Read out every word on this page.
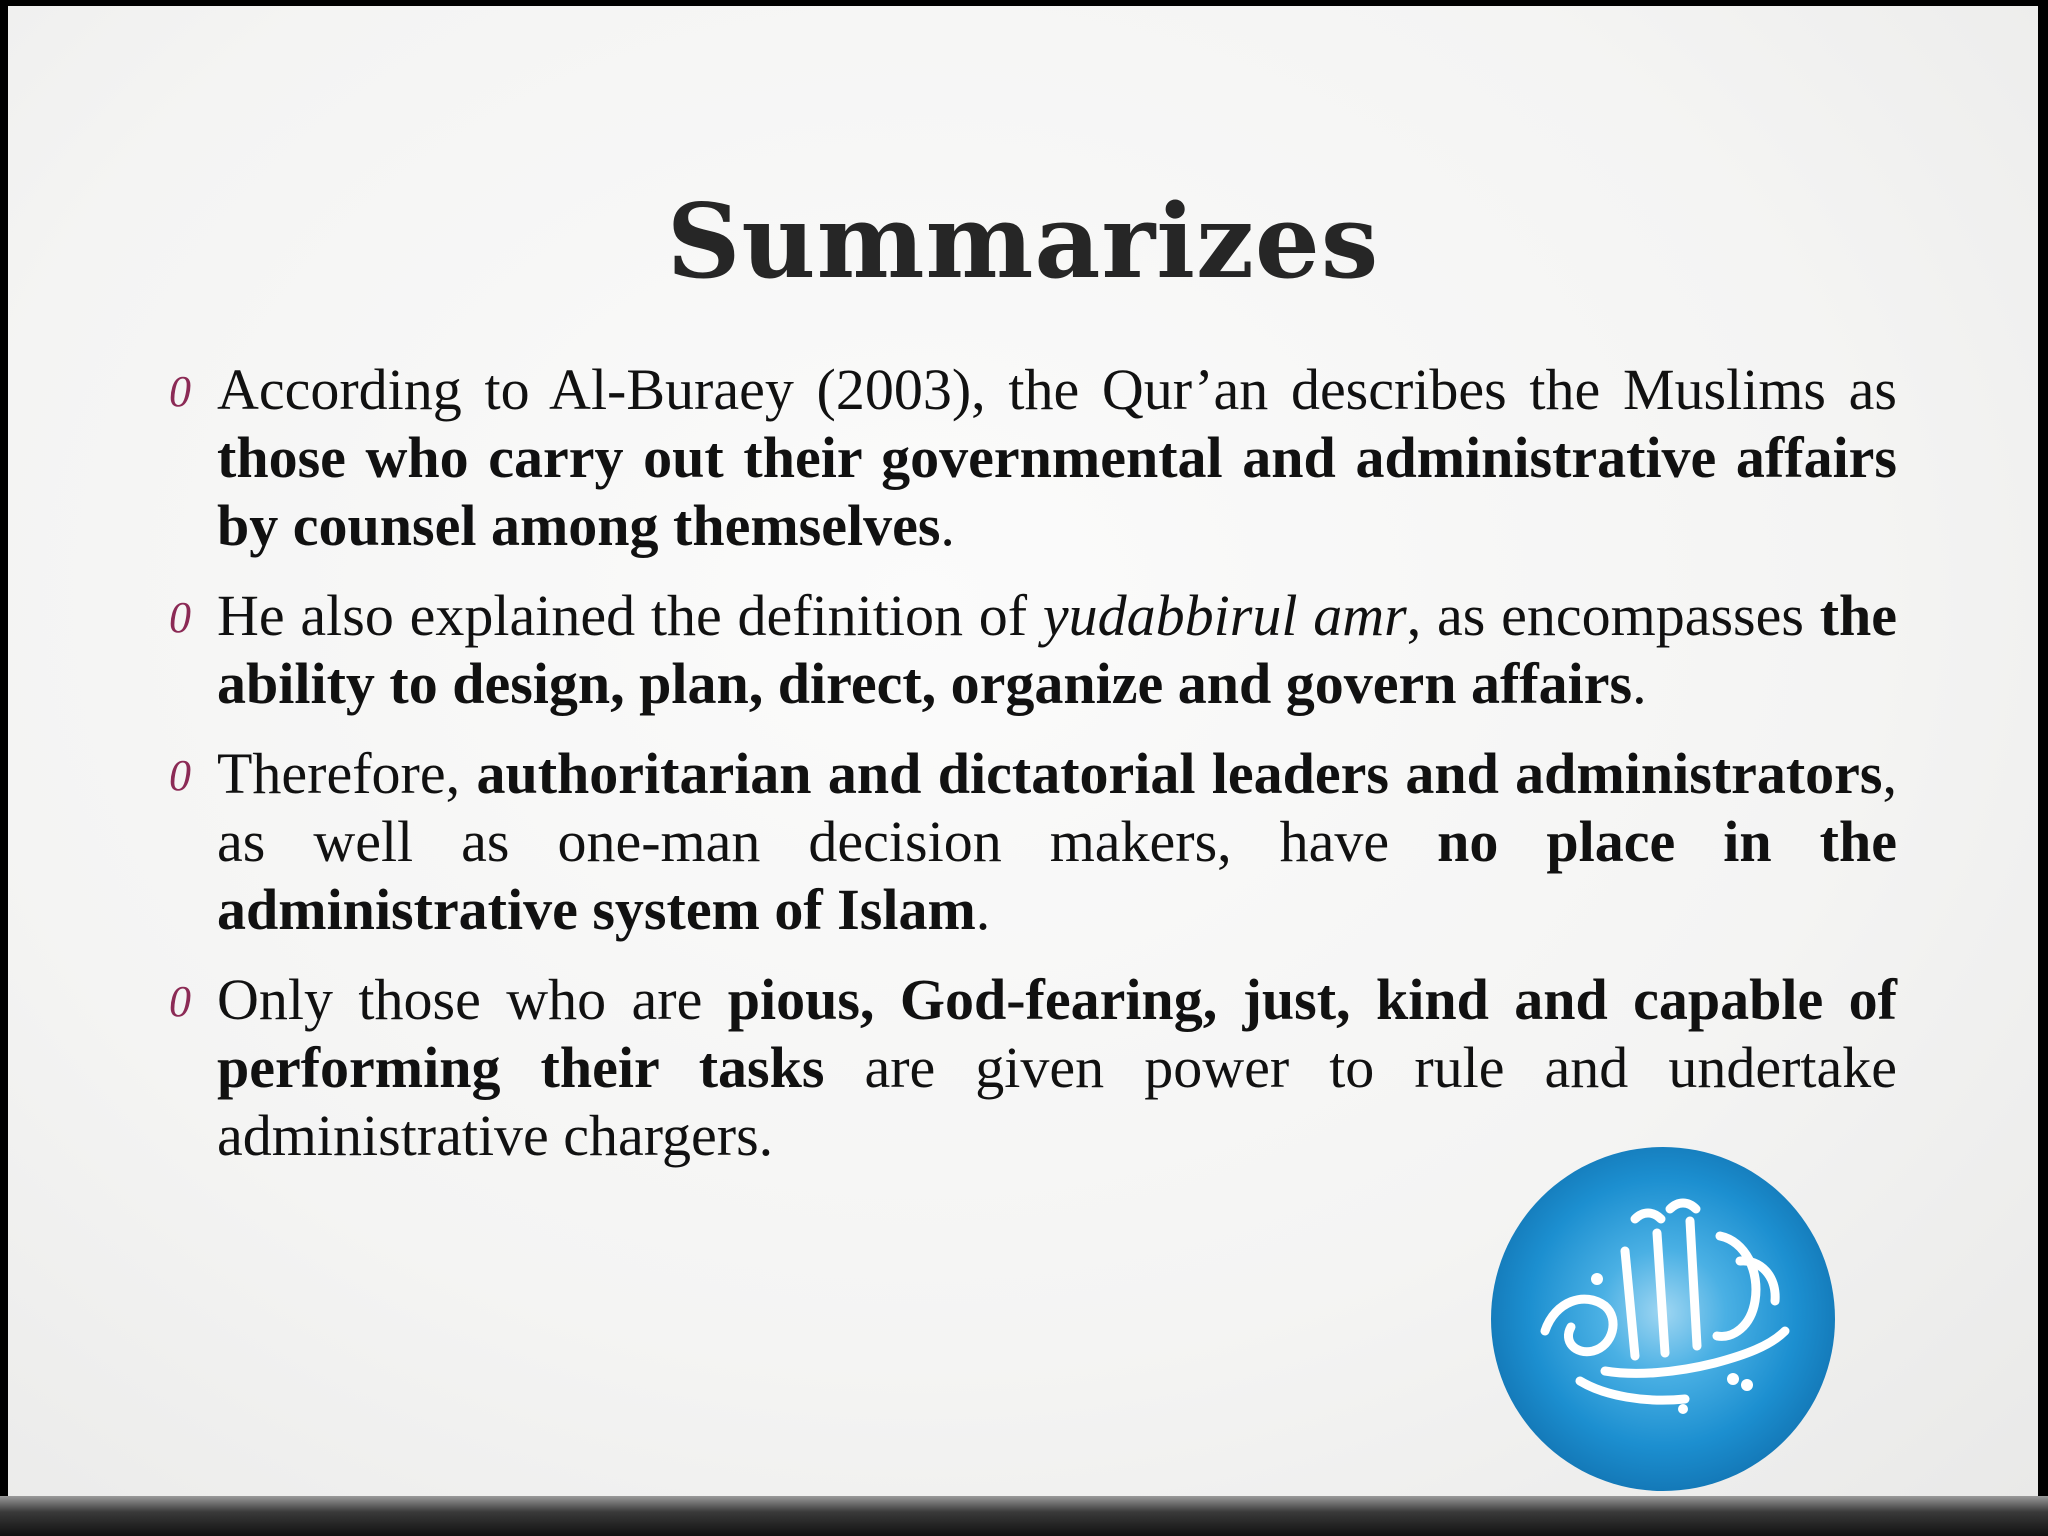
Summarizes
0 According to Al-Buraey (2003), the Qur’an describes the Muslims as those who carry out their governmental and administrative affairs by counsel among themselves.
0 He also explained the definition of yudabbirul amr, as encompasses the ability to design, plan, direct, organize and govern affairs.
0 Therefore, authoritarian and dictatorial leaders and administrators, as well as one-man decision makers, have no place in the administrative system of Islam.
0 Only those who are pious, God-fearing, just, kind and capable of performing their tasks are given power to rule and undertake administrative chargers.
